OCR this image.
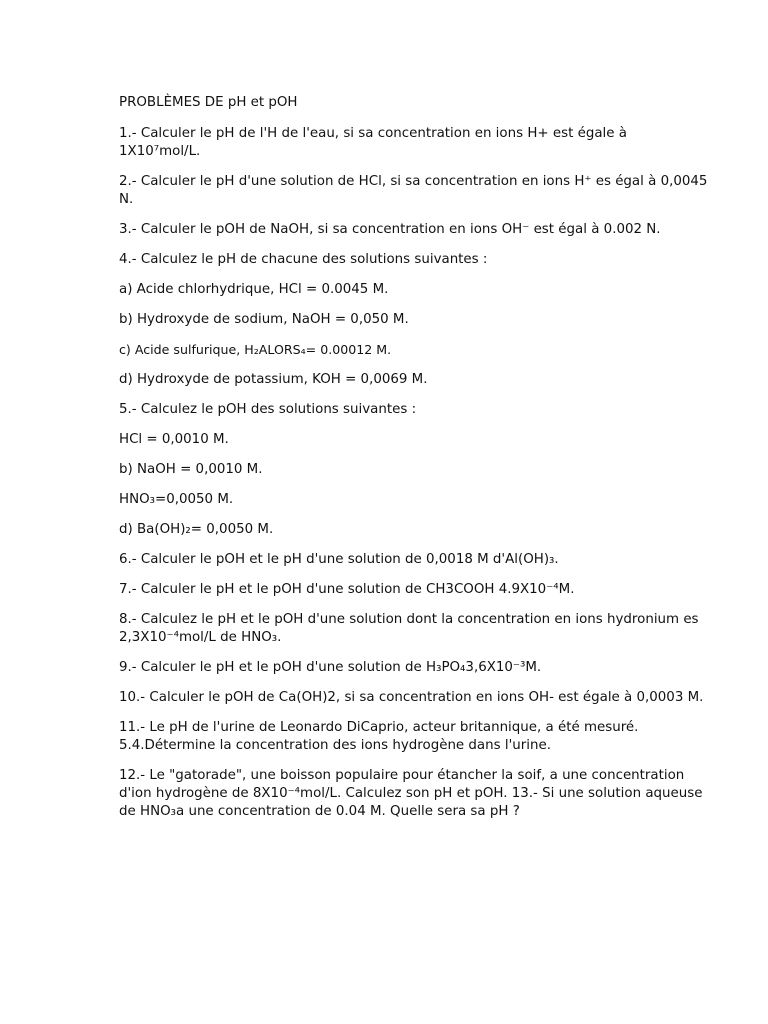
PROBLÈMES DE pH et pOH

1.- Calculer le pH de l'H de l'eau, si sa concentration en ions H+ est égale à 1X10⁷mol/L.

2.- Calculer le pH d'une solution de HCl, si sa concentration en ions H⁺ es égal à 0,0045 N.

3.- Calculer le pOH de NaOH, si sa concentration en ions OH⁻ est égal à 0.002 N.

4.- Calculez le pH de chacune des solutions suivantes :

a) Acide chlorhydrique, HCl = 0.0045 M.

b) Hydroxyde de sodium, NaOH = 0,050 M.

c) Acide sulfurique, H₂ALORS₄= 0.00012 M.

d) Hydroxyde de potassium, KOH = 0,0069 M.

5.- Calculez le pOH des solutions suivantes :

HCl = 0,0010 M.

b) NaOH = 0,0010 M.

HNO₃=0,0050 M.

d) Ba(OH)₂= 0,0050 M.

6.- Calculer le pOH et le pH d'une solution de 0,0018 M d'Al(OH)₃.

7.- Calculer le pH et le pOH d'une solution de CH3COOH 4.9X10⁻⁴M.

8.- Calculez le pH et le pOH d'une solution dont la concentration en ions hydronium es 2,3X10⁻⁴mol/L de HNO₃.

9.- Calculer le pH et le pOH d'une solution de H₃PO₄3,6X10⁻³M.

10.- Calculer le pOH de Ca(OH)2, si sa concentration en ions OH- est égale à 0,0003 M.

11.- Le pH de l'urine de Leonardo DiCaprio, acteur britannique, a été mesuré. 5.4.Détermine la concentration des ions hydrogène dans l'urine.

12.- Le "gatorade", une boisson populaire pour étancher la soif, a une concentration d'ion hydrogène de 8X10⁻⁴mol/L. Calculez son pH et pOH. 13.- Si une solution aqueuse de HNO₃a une concentration de 0.04 M. Quelle sera sa pH ?
